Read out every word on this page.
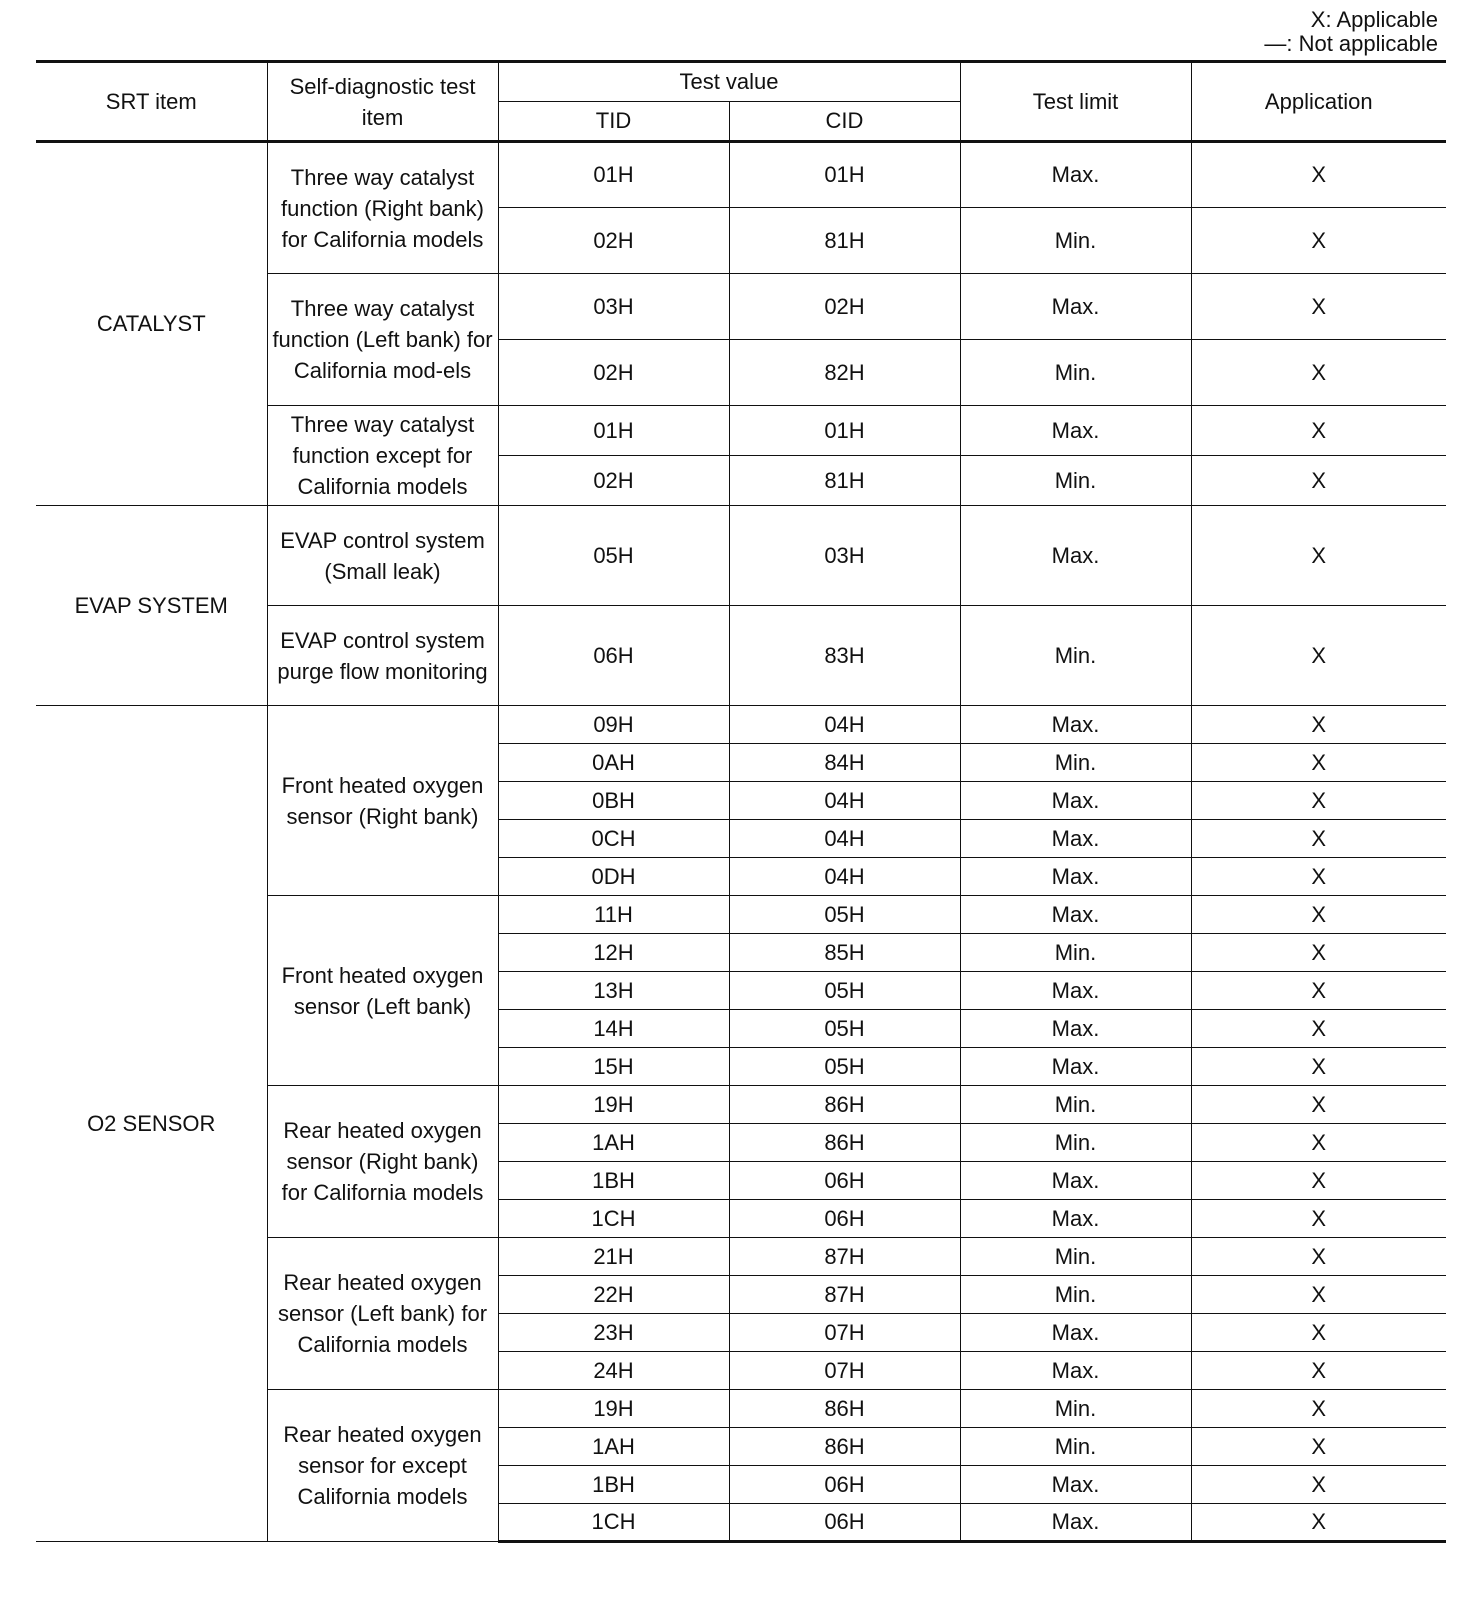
X: Applicable
—: Not applicable
SRT item	Self-diagnostic test item	Test value		Test limit	Application
		TID	CID		
CATALYST	Three way catalyst function (Right bank) for California models	01H	01H	Max.	X
		02H	81H	Min.	X
	Three way catalyst function (Left bank) for California mod-els	03H	02H	Max.	X
		02H	82H	Min.	X
	Three way catalyst function except for California models	01H	01H	Max.	X
		02H	81H	Min.	X
EVAP SYSTEM	EVAP control system (Small leak)	05H	03H	Max.	X
	EVAP control system purge flow monitoring	06H	83H	Min.	X
O2 SENSOR	Front heated oxygen sensor (Right bank)	09H	04H	Max.	X
		0AH	84H	Min.	X
		0BH	04H	Max.	X
		0CH	04H	Max.	X
		0DH	04H	Max.	X
	Front heated oxygen sensor (Left bank)	11H	05H	Max.	X
		12H	85H	Min.	X
		13H	05H	Max.	X
		14H	05H	Max.	X
		15H	05H	Max.	X
	Rear heated oxygen sensor (Right bank) for California models	19H	86H	Min.	X
		1AH	86H	Min.	X
		1BH	06H	Max.	X
		1CH	06H	Max.	X
	Rear heated oxygen sensor (Left bank) for California models	21H	87H	Min.	X
		22H	87H	Min.	X
		23H	07H	Max.	X
		24H	07H	Max.	X
	Rear heated oxygen sensor for except California models	19H	86H	Min.	X
		1AH	86H	Min.	X
		1BH	06H	Max.	X
		1CH	06H	Max.	X
